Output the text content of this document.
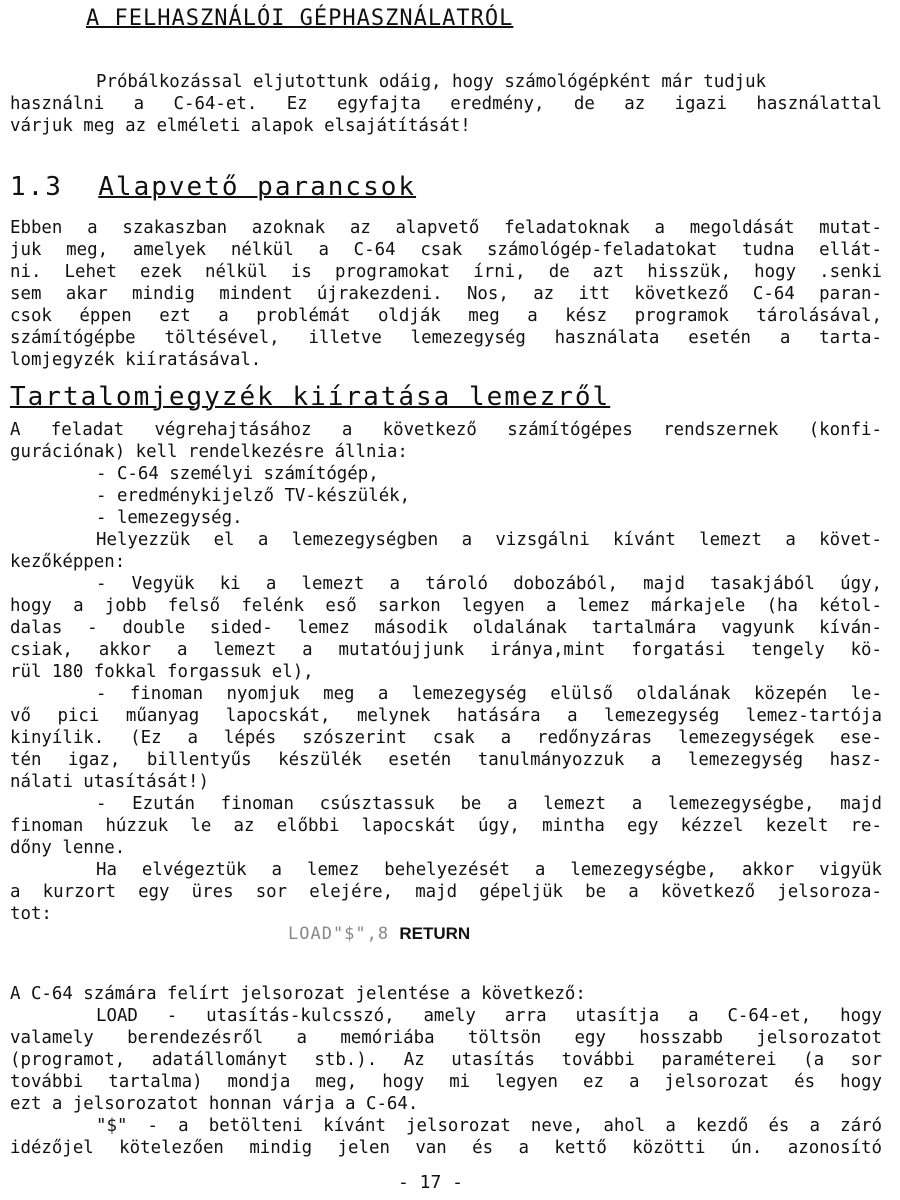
A FELHASZNÁLÓI GÉPHASZNÁLATRÓL
Próbálkozással eljutottunk odáig, hogy számológépként már tudjuk
használni a C-64-et. Ez egyfajta eredmény, de az igazi használattal
várjuk meg az elméleti alapok elsajátítását!
1.3 Alapvető parancsok
Ebben a szakaszban azoknak az alapvető feladatoknak a megoldását mutat-
juk meg, amelyek nélkül a C-64 csak számológép-feladatokat tudna ellát-
ni. Lehet ezek nélkül is programokat írni, de azt hisszük, hogy .senki
sem akar mindig mindent újrakezdeni. Nos, az itt következő C-64 paran-
csok éppen ezt a problémát oldják meg a kész programok tárolásával,
számítógépbe töltésével, illetve lemezegység használata esetén a tarta-
lomjegyzék kiíratásával.
Tartalomjegyzék kiíratása lemezről
A feladat végrehajtásához a következő számítógépes rendszernek (konfi-
gurációnak) kell rendelkezésre állnia:
- C-64 személyi számítógép,
- eredménykijelző TV-készülék,
- lemezegység.
Helyezzük el a lemezegységben a vizsgálni kívánt lemezt a követ-
kezőképpen:
- Vegyük ki a lemezt a tároló dobozából, majd tasakjából úgy,
hogy a jobb felső felénk eső sarkon legyen a lemez márkajele (ha kétol-
dalas - double sided- lemez második oldalának tartalmára vagyunk kíván-
csiak, akkor a lemezt a mutatóujjunk iránya,mint forgatási tengely kö-
rül 180 fokkal forgassuk el),
- finoman nyomjuk meg a lemezegység elülső oldalának közepén le-
vő pici műanyag lapocskát, melynek hatására a lemezegység lemez-tartója
kinyílik. (Ez a lépés szószerint csak a redőnyzáras lemezegységek ese-
tén igaz, billentyűs készülék esetén tanulmányozzuk a lemezegység hasz-
nálati utasítását!)
- Ezután finoman csúsztassuk be a lemezt a lemezegységbe, majd
finoman húzzuk le az előbbi lapocskát úgy, mintha egy kézzel kezelt re-
dőny lenne.
Ha elvégeztük a lemez behelyezését a lemezegységbe, akkor vigyük
a kurzort egy üres sor elejére, majd gépeljük be a következő jelsoroza-
tot:
LOAD"$",8 RETURN
A C-64 számára felírt jelsorozat jelentése a következő:
LOAD - utasítás-kulcsszó, amely arra utasítja a C-64-et, hogy
valamely berendezésről a memóriába töltsön egy hosszabb jelsorozatot
(programot, adatállományt stb.). Az utasítás további paraméterei (a sor
további tartalma) mondja meg, hogy mi legyen ez a jelsorozat és hogy
ezt a jelsorozatot honnan várja a C-64.
"$" - a betölteni kívánt jelsorozat neve, ahol a kezdő és a záró
idézőjel kötelezően mindig jelen van és a kettő közötti ún. azonosító
- 17 -
